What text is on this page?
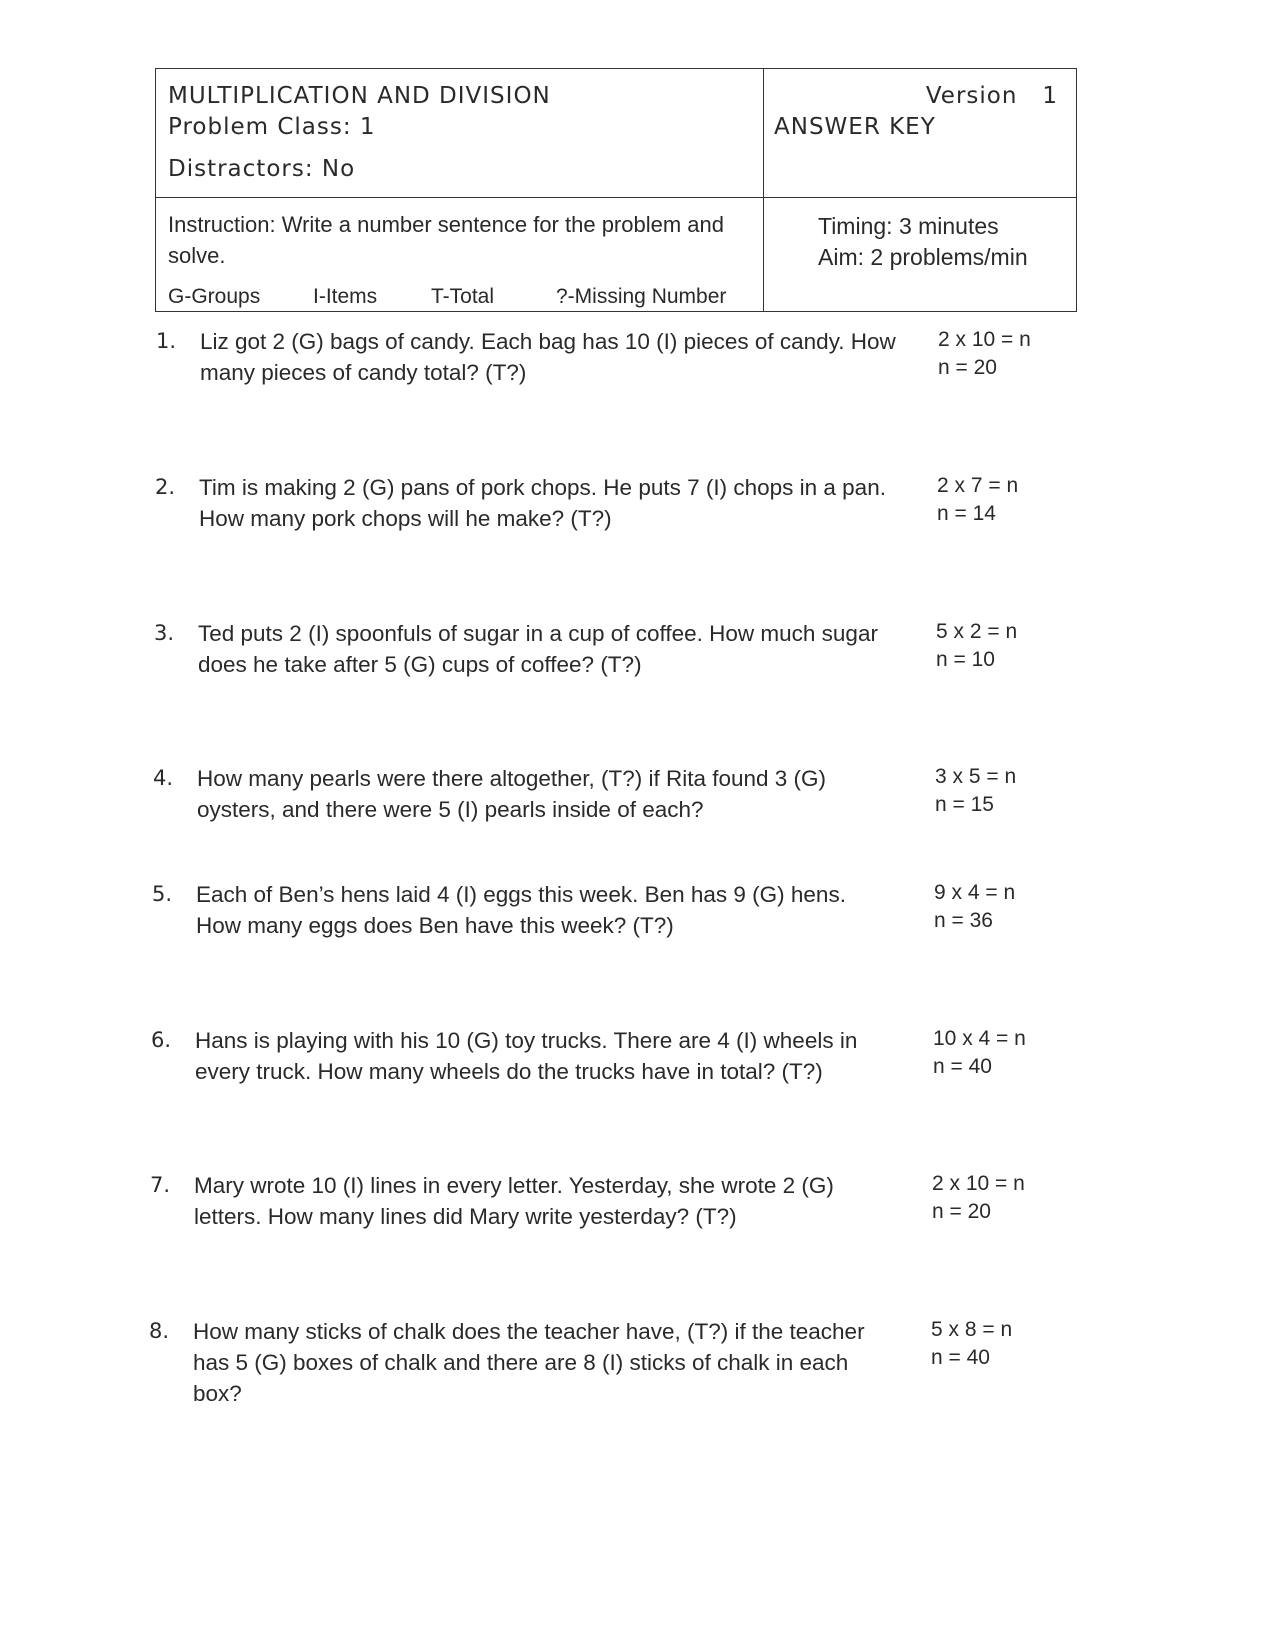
MULTIPLICATION AND DIVISION
Problem Class: 1
Distractors: No
Version   1
ANSWER KEY
Instruction: Write a number sentence for the problem and solve.
G-Groups	I-Items	T-Total	?-Missing Number
Timing: 3 minutes
Aim: 2 problems/min
1. Liz got 2 (G) bags of candy. Each bag has 10 (I) pieces of candy. How many pieces of candy total? (T?)
2 x 10 = n
n = 20
2. Tim is making 2 (G) pans of pork chops. He puts 7 (I) chops in a pan. How many pork chops will he make? (T?)
2 x 7 = n
n = 14
3. Ted puts 2 (I) spoonfuls of sugar in a cup of coffee. How much sugar does he take after 5 (G) cups of coffee? (T?)
5 x 2 = n
n = 10
4. How many pearls were there altogether, (T?) if Rita found 3 (G) oysters, and there were 5 (I) pearls inside of each?
3 x 5 = n
n = 15
5. Each of Ben’s hens laid 4 (I) eggs this week. Ben has 9 (G) hens. How many eggs does Ben have this week? (T?)
9 x 4 = n
n = 36
6. Hans is playing with his 10 (G) toy trucks. There are 4 (I) wheels in every truck. How many wheels do the trucks have in total? (T?)
10 x 4 = n
n = 40
7. Mary wrote 10 (I) lines in every letter. Yesterday, she wrote 2 (G) letters. How many lines did Mary write yesterday? (T?)
2 x 10 = n
n = 20
8. How many sticks of chalk does the teacher have, (T?) if the teacher has 5 (G) boxes of chalk and there are 8 (I) sticks of chalk in each box?
5 x 8 = n
n = 40
